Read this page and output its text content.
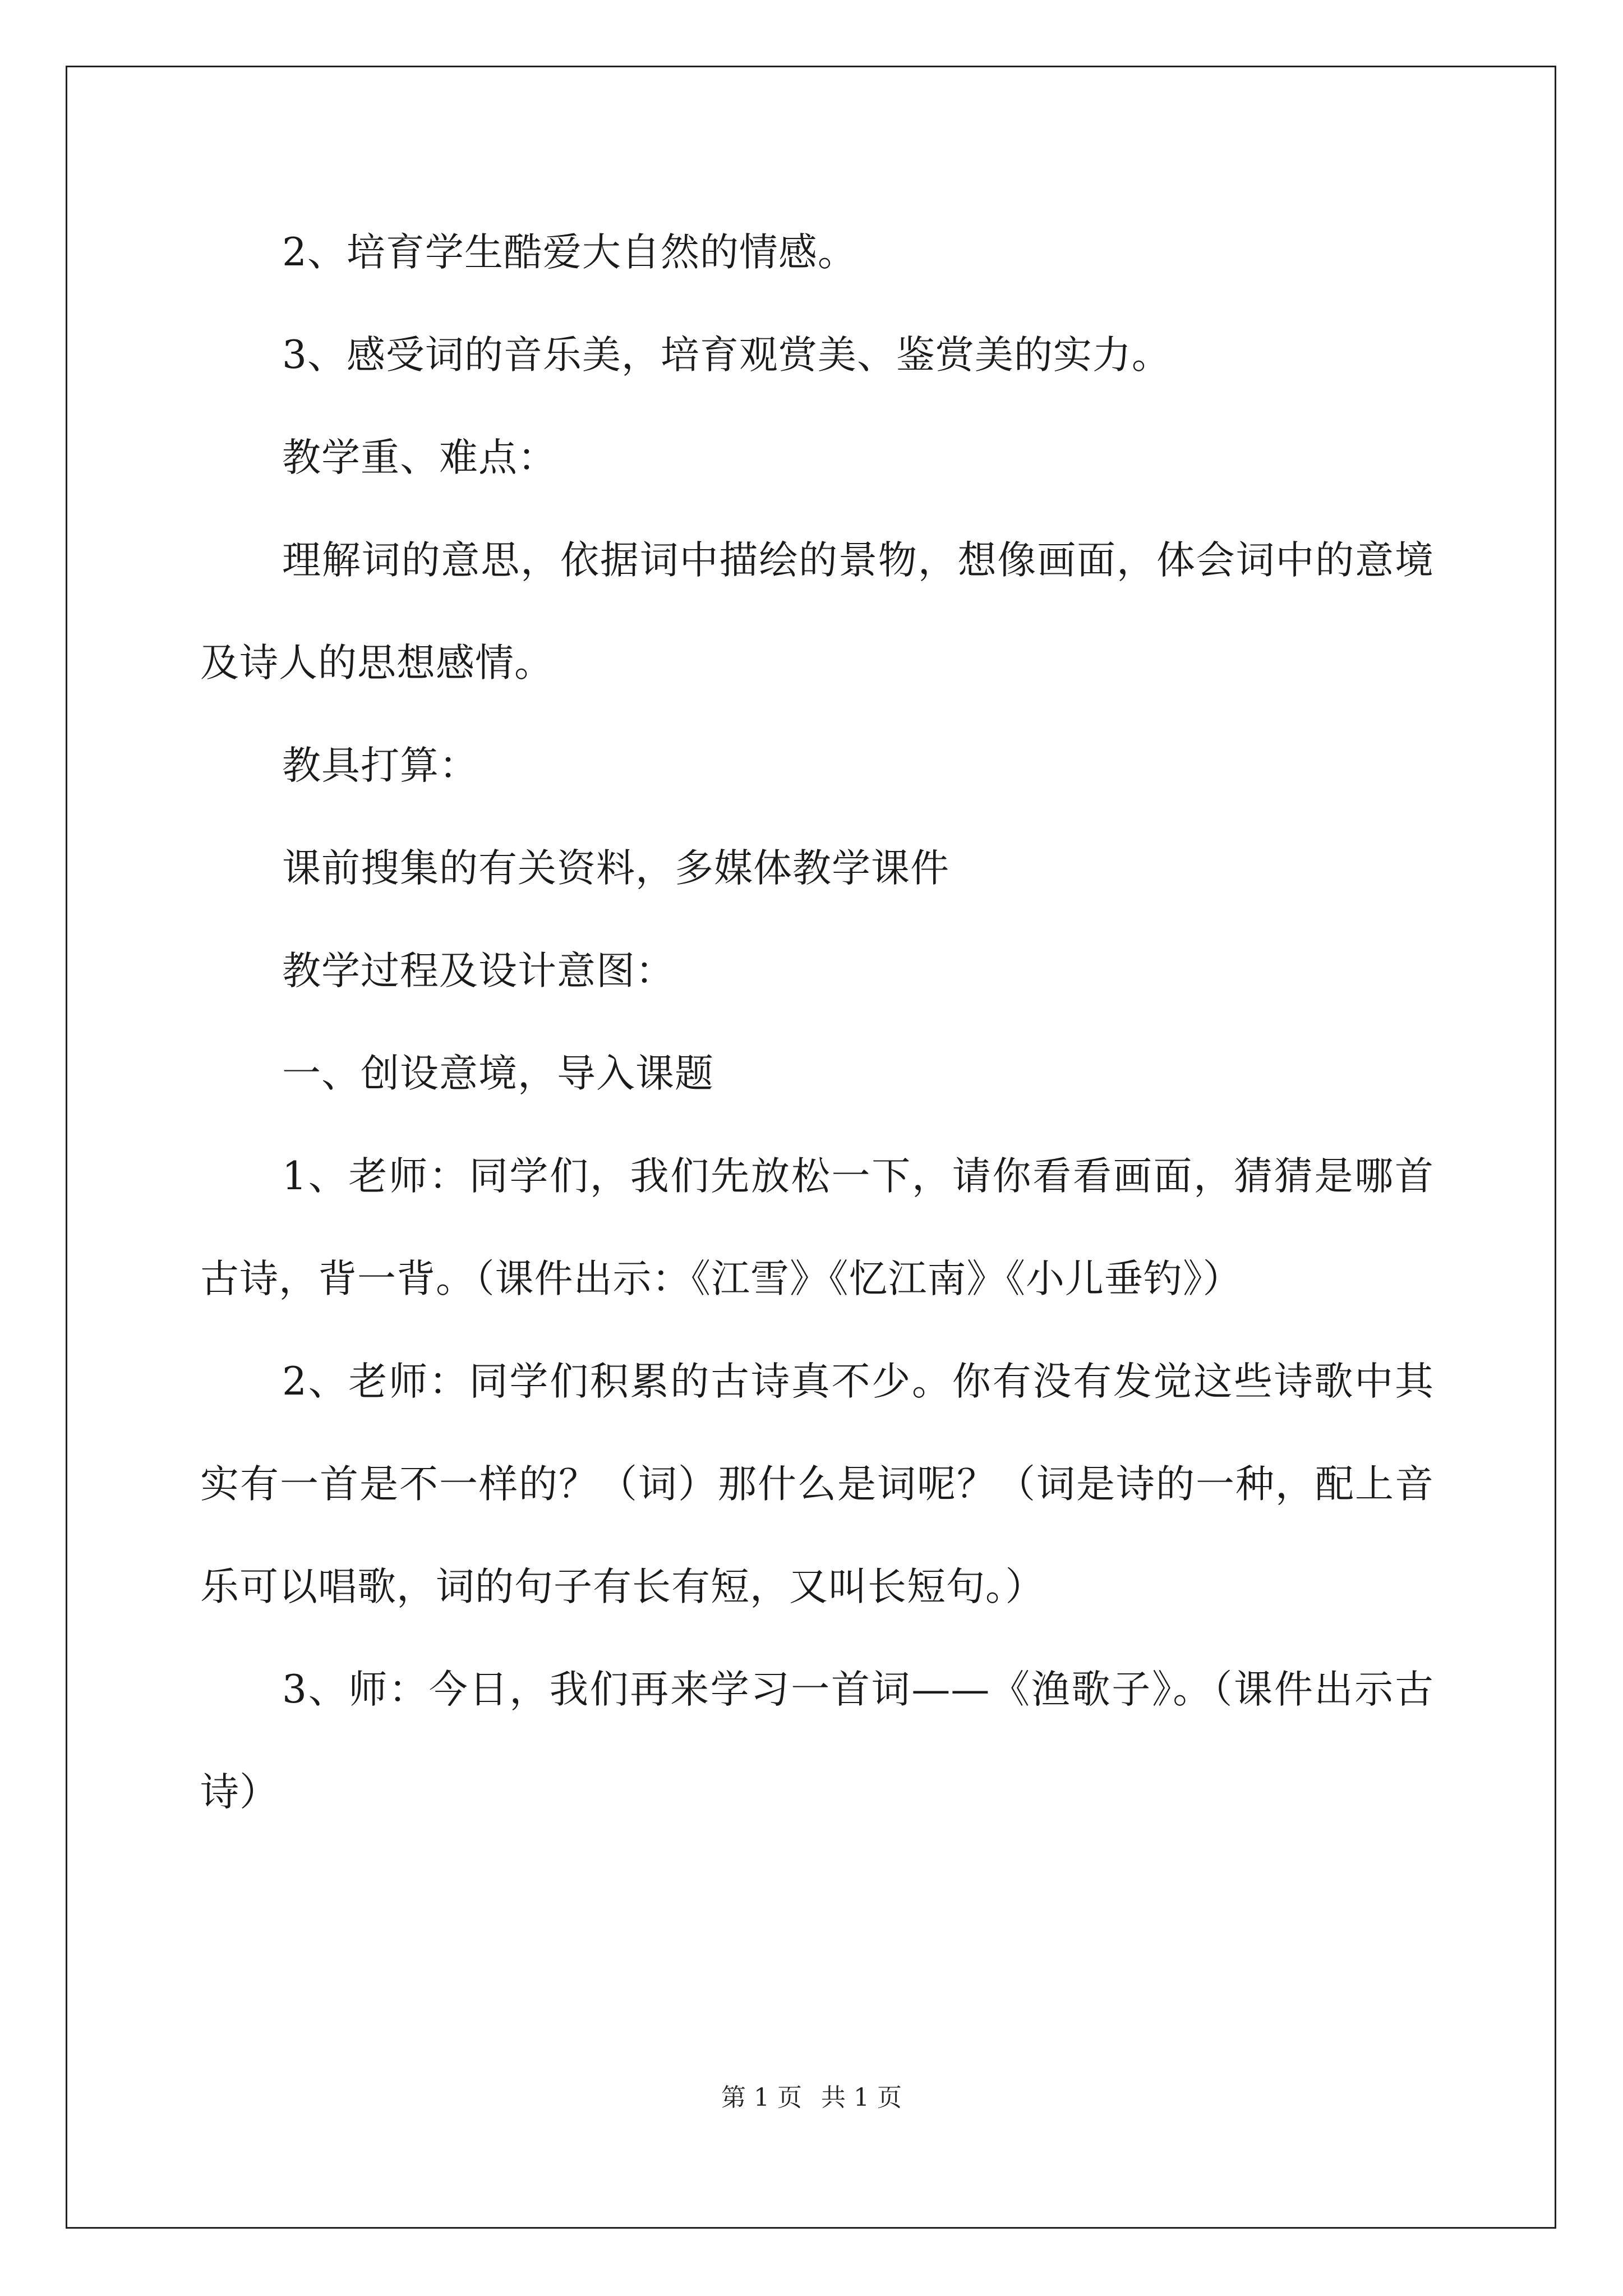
2、培育学生酷爱大自然的情感。
3、感受词的音乐美，培育观赏美、鉴赏美的实力。
教学重、难点：
理解词的意思，依据词中描绘的景物，想像画面，体会词中的意境及诗人的思想感情。
教具打算：
课前搜集的有关资料，多媒体教学课件
教学过程及设计意图：
一、创设意境，导入课题
1、老师：同学们，我们先放松一下，请你看看画面，猜猜是哪首古诗，背一背。（课件出示：《江雪》《忆江南》《小儿垂钓》）
2、老师：同学们积累的古诗真不少。你有没有发觉这些诗歌中其实有一首是不一样的？（词）那什么是词呢？（词是诗的一种，配上音乐可以唱歌，词的句子有长有短，又叫长短句。）
3、师：今日，我们再来学习一首词——《渔歌子》。（课件出示古诗）
第 1 页 共 1 页
